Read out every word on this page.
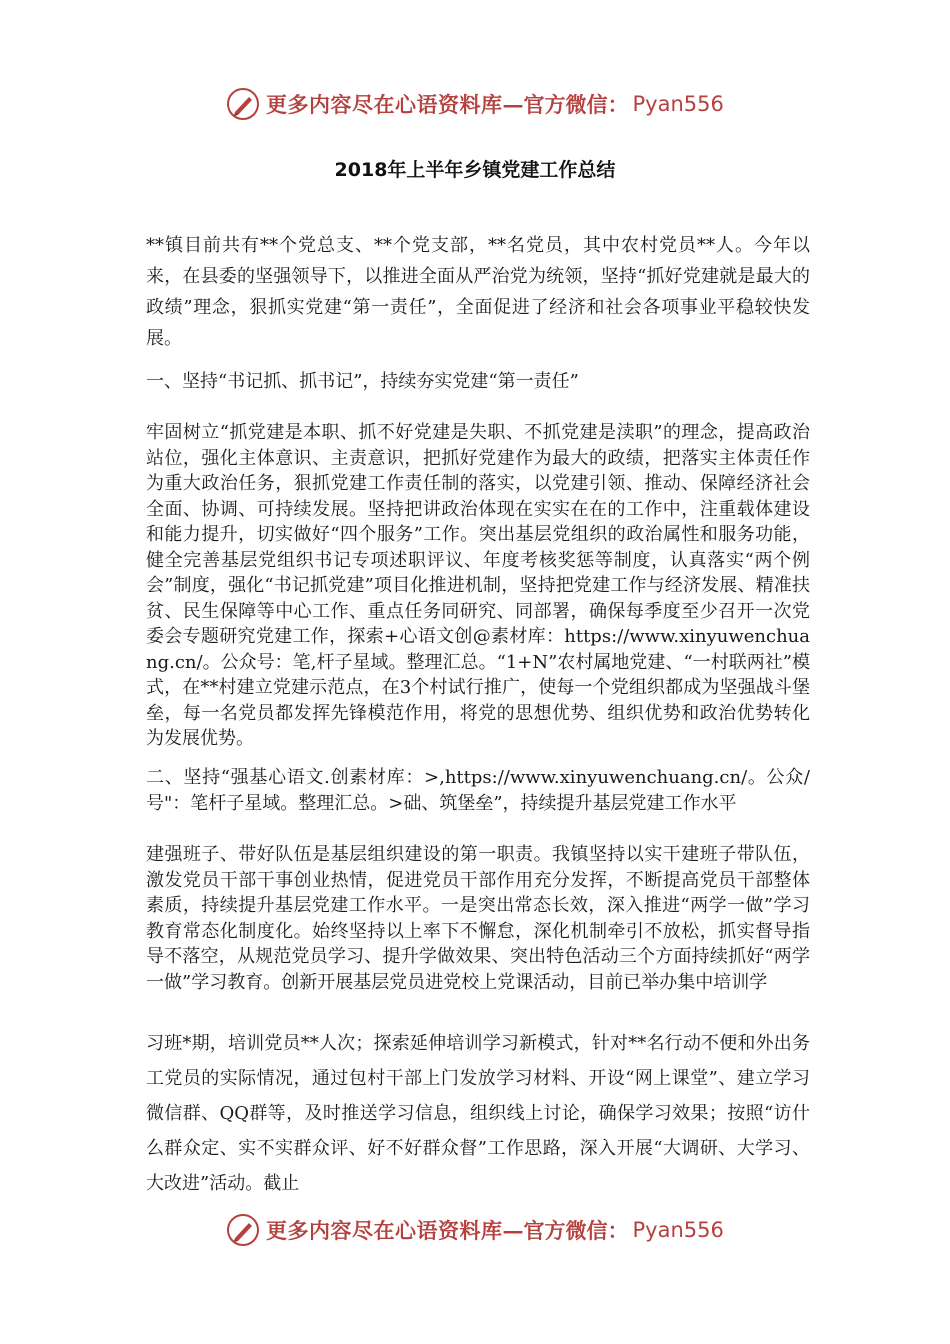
更多内容尽在心语资料库 — 官方微信： Pyan556
2018年上半年乡镇党建工作总结

**镇目前共有**个党总支、**个党支部，**名党员，其中农村党员**人。今年以来，在县委的坚强领导下，以推进全面从严治党为统领，坚持“抓好党建就是最大的政绩”理念，狠抓实党建“第一责任”，全面促进了经济和社会各项事业平稳较快发展。

一、坚持“书记抓、抓书记”，持续夯实党建“第一责任”

牢固树立“抓党建是本职、抓不好党建是失职、不抓党建是渎职”的理念，提高政治站位，强化主体意识、主责意识，把抓好党建作为最大的政绩，把落实主体责任作为重大政治任务，狠抓党建工作责任制的落实，以党建引领、推动、保障经济社会全面、协调、可持续发展。坚持把讲政治体现在实实在在的工作中，注重载体建设和能力提升，切实做好“四个服务”工作。突出基层党组织的政治属性和服务功能，健全完善基层党组织书记专项述职评议、年度考核奖惩等制度，认真落实“两个例会”制度，强化“书记抓党建”项目化推进机制，坚持把党建工作与经济发展、精准扶贫、民生保障等中心工作、重点任务同研究、同部署，确保每季度至少召开一次党委会专题研究党建工作，探索+心语文创@素材库：https://www.xinyuwenchuang.cn/。公众号：笔,杆子星域。整理汇总。“1+N”农村属地党建、“一村联两社”模式，在**村建立党建示范点，在3个村试行推广，使每一个党组织都成为坚强战斗堡垒，每一名党员都发挥先锋模范作用，将党的思想优势、组织优势和政治优势转化为发展优势。

二、坚持“强基心语文.创素材库：>,https://www.xinyuwenchuang.cn/。公众/号"：笔杆子星域。整理汇总。>础、筑堡垒”，持续提升基层党建工作水平

建强班子、带好队伍是基层组织建设的第一职责。我镇坚持以实干建班子带队伍，激发党员干部干事创业热情，促进党员干部作用充分发挥，不断提高党员干部整体素质，持续提升基层党建工作水平。一是突出常态长效，深入推进“两学一做”学习教育常态化制度化。始终坚持以上率下不懈怠，深化机制牵引不放松，抓实督导指导不落空，从规范党员学习、提升学做效果、突出特色活动三个方面持续抓好“两学一做”学习教育。创新开展基层党员进党校上党课活动，目前已举办集中培训学

习班*期，培训党员**人次；探索延伸培训学习新模式，针对**名行动不便和外出务工党员的实际情况，通过包村干部上门发放学习材料、开设“网上课堂”、建立学习微信群、QQ群等，及时推送学习信息，组织线上讨论，确保学习效果；按照“访什么群众定、实不实群众评、好不好群众督”工作思路，深入开展“大调研、大学习、大改进”活动。截止

更多内容尽在心语资料库 — 官方微信： Pyan556
